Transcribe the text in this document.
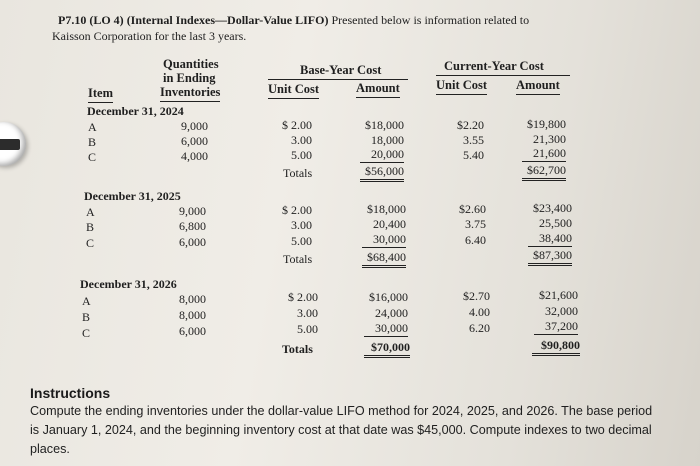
P7.10 (LO 4) (Internal Indexes—Dollar-Value LIFO) Presented below is information related to
Kaisson Corporation for the last 3 years.
Quantities
in Ending
Inventories
Item
Base-Year Cost
Unit Cost	Amount
Current-Year Cost
Unit Cost Amount
December 31, 2024
A
B
C
9,000
6,000
4,000
$ 2.00
3.00
5.00
Totals
$18,000
18,000
20,000
$56,000
$2.20
3.55
5.40
$19,800
21,300
21,600
$62,700
December 31, 2025
A
B
C
9,000
6,800
6,000
$ 2.00
3.00
5.00
Totals
$18,000
20,400
30,000
$68,400
$2.60
3.75
6.40
$23,400
25,500
38,400
$87,300
December 31, 2026
A
B
C
8,000
8,000
6,000
$ 2.00
3.00
5.00
Totals
$16,000
24,000
30,000
$70,000
$2.70
4.00
6.20
$21,600
32,000
37,200
$90,800
Instructions
Compute the ending inventories under the dollar-value LIFO method for 2024, 2025, and 2026. The base period is January 1, 2024, and the beginning inventory cost at that date was $45,000. Compute indexes to two decimal places.
